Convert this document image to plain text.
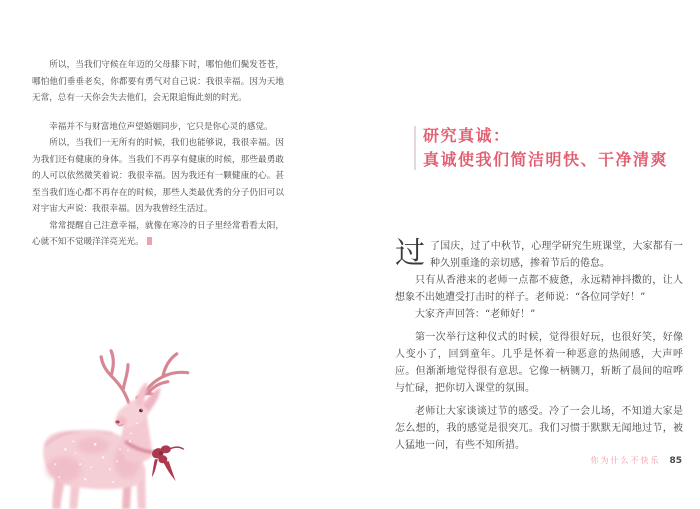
所以，当我们守候在年迈的父母膝下时，哪怕他们鬓发苍苍，哪怕他们垂垂老矣，你都要有勇气对自己说：我很幸福。因为天地无常，总有一天你会失去他们，会无限追悔此刻的时光。

幸福并不与财富地位声望婚姻同步，它只是你心灵的感觉。

所以，当我们一无所有的时候，我们也能够说，我很幸福。因为我们还有健康的身体。当我们不再享有健康的时候，那些最勇敢的人可以依然微笑着说：我很幸福。因为我还有一颗健康的心。甚至当我们连心都不再存在的时候，那些人类最优秀的分子仍旧可以对宇宙大声说：我很幸福。因为我曾经生活过。

常常提醒自己注意幸福，就像在寒冷的日子里经常看看太阳，心就不知不觉暖洋洋亮光光。

研究真诚：
真诚使我们简洁明快、干净清爽

过 了国庆，过了中秋节，心理学研究生班课堂，大家都有一种久别重逢的亲切感，掺着节后的倦怠。

只有从香港来的老师一点都不疲惫，永远精神抖擞的，让人想象不出她遭受打击时的样子。老师说：“各位同学好！”

大家齐声回答：“老师好！”

第一次举行这种仪式的时候，觉得很好玩，也很好笑，好像人变小了，回到童年。几乎是怀着一种恶意的热闹感，大声呼应。但渐渐地觉得很有意思。它像一柄铡刀，斩断了晨间的喧哗与忙碌，把你切入课堂的氛围。

老师让大家谈谈过节的感受。冷了一会儿场，不知道大家是怎么想的，我的感觉是很突兀。我们习惯于默默无闻地过节，被人猛地一问，有些不知所措。

你为什么不快乐 85
